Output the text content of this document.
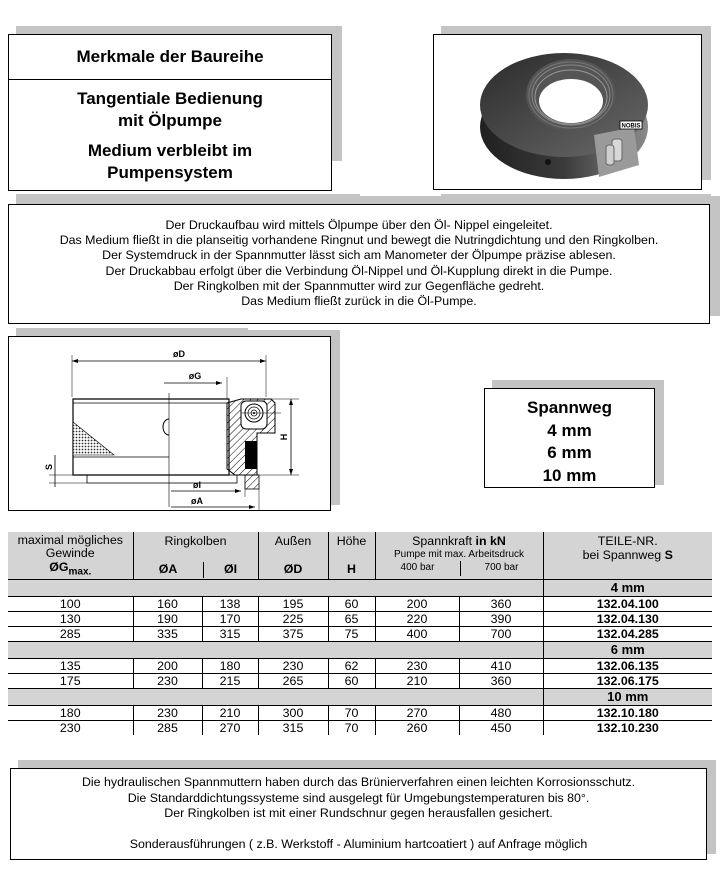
Merkmale der Baureihe
Tangentiale Bedienung
mit Ölpumpe
Medium verbleibt im
Pumpensystem
NOBIS
Der Druckaufbau wird mittels Ölpumpe über den Öl- Nippel eingeleitet.
Das Medium fließt in die planseitig vorhandene Ringnut und bewegt die Nutringdichtung und den Ringkolben.
Der Systemdruck in der Spannmutter lässt sich am Manometer der Ölpumpe präzise ablesen.
Der Druckabbau erfolgt über die Verbindung Öl-Nippel und Öl-Kupplung direkt in die Pumpe.
Der Ringkolben mit der Spannmutter wird zur Gegenfläche gedreht.
Das Medium fließt zurück in die Öl-Pumpe.
øD
øG
H
S
øI
øA
Spannweg
4 mm
6 mm
10 mm
maximal mögliches
Gewinde
$ØG_{max.}$

Ringkolben
ØA	ØI

Außen
ØD

Höhe
H

Spannkraft in kN
Pumpe mit max. Arbeitsdruck
400 bar	700 bar

TEILE-NR.
bei Spannweg S

							4 mm
100	160	138	195	60	200	360	132.04.100
130	190	170	225	65	220	390	132.04.130
285	335	315	375	75	400	700	132.04.285
							6 mm
135	200	180	230	62	230	410	132.06.135
175	230	215	265	60	210	360	132.06.175
							10 mm
180	230	210	300	70	270	480	132.10.180
230	285	270	315	70	260	450	132.10.230
Die hydraulischen Spannmuttern haben durch das Brünierverfahren einen leichten Korrosionsschutz.
Die Standarddichtungssysteme sind ausgelegt für Umgebungstemperaturen bis 80°.
Der Ringkolben ist mit einer Rundschnur gegen herausfallen gesichert.
Sonderausführungen ( z.B. Werkstoff - Aluminium hartcoatiert ) auf Anfrage möglich
